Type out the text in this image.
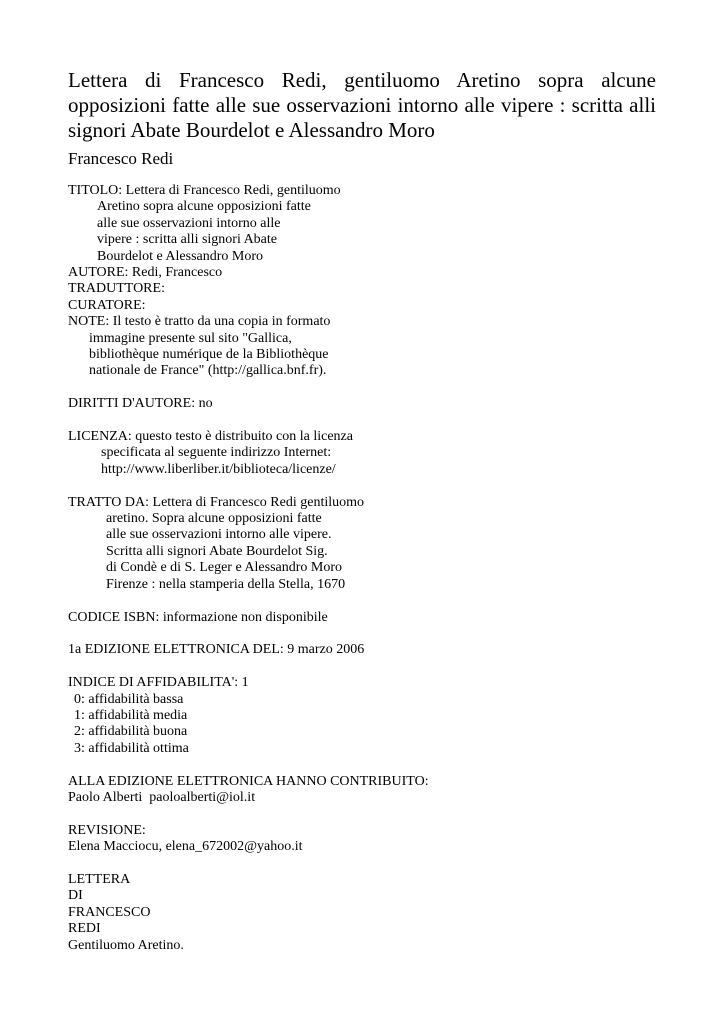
Lettera di Francesco Redi, gentiluomo Aretino sopra alcune opposizioni fatte alle sue osservazioni intorno alle vipere : scritta alli signori Abate Bourdelot e Alessandro Moro

Francesco Redi

TITOLO: Lettera di Francesco Redi, gentiluomo
Aretino sopra alcune opposizioni fatte
alle sue osservazioni intorno alle
vipere : scritta alli signori Abate
Bourdelot e Alessandro Moro
AUTORE: Redi, Francesco
TRADUTTORE:
CURATORE:
NOTE: Il testo è tratto da una copia in formato
immagine presente sul sito "Gallica,
bibliothèque numérique de la Bibliothèque
nationale de France" (http://gallica.bnf.fr).
DIRITTI D'AUTORE: no
LICENZA: questo testo è distribuito con la licenza
specificata al seguente indirizzo Internet:
http://www.liberliber.it/biblioteca/licenze/
TRATTO DA: Lettera di Francesco Redi gentiluomo
aretino. Sopra alcune opposizioni fatte
alle sue osservazioni intorno alle vipere.
Scritta alli signori Abate Bourdelot Sig.
di Condè e di S. Leger e Alessandro Moro
Firenze : nella stamperia della Stella, 1670
CODICE ISBN: informazione non disponibile
1a EDIZIONE ELETTRONICA DEL: 9 marzo 2006
INDICE DI AFFIDABILITA': 1
0: affidabilità bassa
1: affidabilità media
2: affidabilità buona
3: affidabilità ottima
ALLA EDIZIONE ELETTRONICA HANNO CONTRIBUITO:
Paolo Alberti  paoloalberti@iol.it
REVISIONE:
Elena Macciocu, elena_672002@yahoo.it
LETTERA
DI
FRANCESCO
REDI
Gentiluomo Aretino.
